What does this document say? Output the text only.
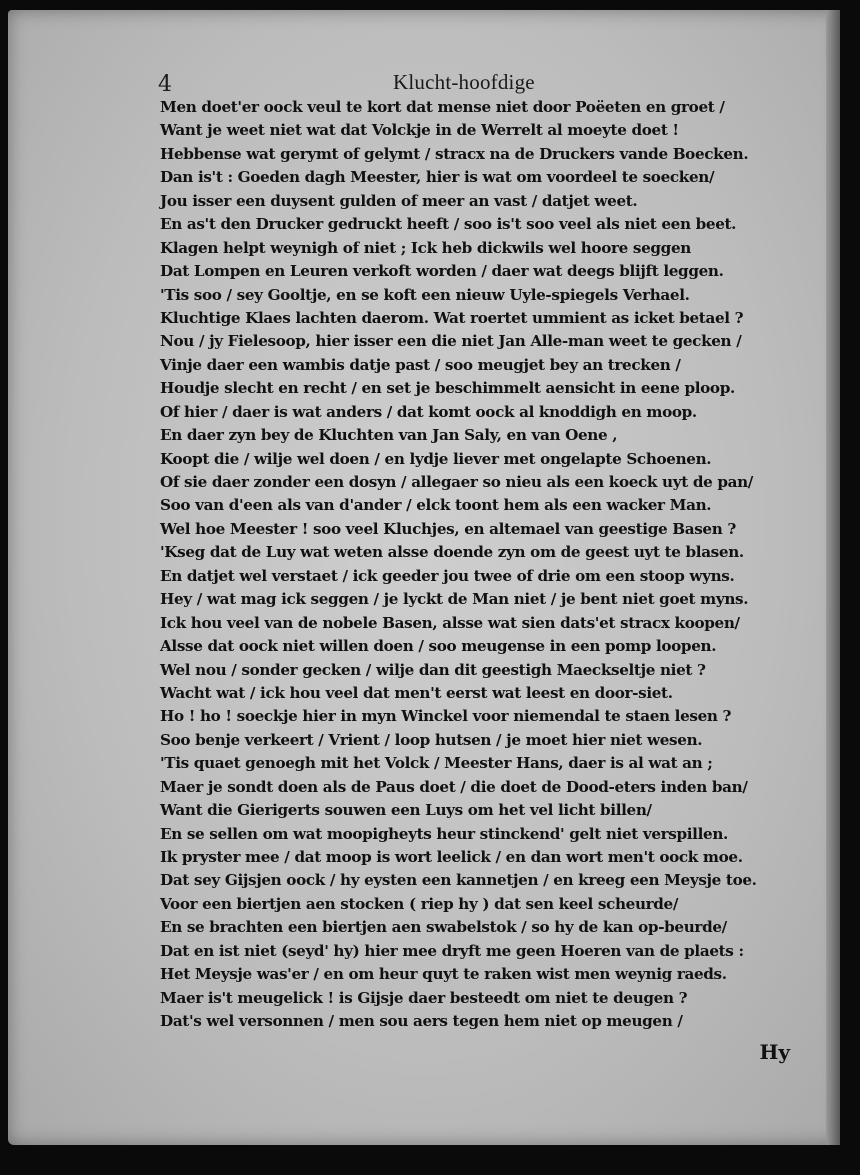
4	Klucht-hoofdige
Men doet'er oock veul te kort dat mense niet door Poëeten en groet /
Want je weet niet wat dat Volckje in de Werrelt al moeyte doet !
Hebbense wat gerymt of gelymt / stracx na de Druckers vande Boecken.
Dan is't : Goeden dagh Meester, hier is wat om voordeel te soecken/
Jou isser een duysent gulden of meer an vast / datjet weet.
En as't den Drucker gedruckt heeft / soo is't soo veel als niet een beet.
Klagen helpt weynigh of niet ; Ick heb dickwils wel hoore seggen
Dat Lompen en Leuren verkoft worden / daer wat deegs blijft leggen.
'Tis soo / sey Gooltje, en se koft een nieuw Uyle-spiegels Verhael.
Kluchtige Klaes lachten daerom. Wat roertet ummient as icket betael ?
Nou / jy Fielesoop, hier isser een die niet Jan Alle-man weet te gecken /
Vinje daer een wambis datje past / soo meugjet bey an trecken /
Houdje slecht en recht / en set je beschimmelt aensicht in eene ploop.
Of hier / daer is wat anders / dat komt oock al knoddigh en moop.
En daer zyn bey de Kluchten van Jan Saly, en van Oene ,
Koopt die / wilje wel doen / en lydje liever met ongelapte Schoenen.
Of sie daer zonder een dosyn / allegaer so nieu als een koeck uyt de pan/
Soo van d'een als van d'ander / elck toont hem als een wacker Man.
Wel hoe Meester ! soo veel Kluchjes, en altemael van geestige Basen ?
'Kseg dat de Luy wat weten alsse doende zyn om de geest uyt te blasen.
En datjet wel verstaet / ick geeder jou twee of drie om een stoop wyns.
Hey / wat mag ick seggen / je lyckt de Man niet / je bent niet goet myns.
Ick hou veel van de nobele Basen, alsse wat sien dats'et stracx koopen/
Alsse dat oock niet willen doen / soo meugense in een pomp loopen.
Wel nou / sonder gecken / wilje dan dit geestigh Maeckseltje niet ?
Wacht wat / ick hou veel dat men't eerst wat leest en door-siet.
Ho ! ho ! soeckje hier in myn Winckel voor niemendal te staen lesen ?
Soo benje verkeert / Vrient / loop hutsen / je moet hier niet wesen.
'Tis quaet genoegh mit het Volck / Meester Hans, daer is al wat an ;
Maer je sondt doen als de Paus doet / die doet de Dood-eters inden ban/
Want die Gierigerts souwen een Luys om het vel licht billen/
En se sellen om wat moopigheyts heur stinckend' gelt niet verspillen.
Ik pryster mee / dat moop is wort leelick / en dan wort men't oock moe.
Dat sey Gijsjen oock / hy eysten een kannetjen / en kreeg een Meysje toe.
Voor een biertjen aen stocken ( riep hy ) dat sen keel scheurde/
En se brachten een biertjen aen swabelstok / so hy de kan op-beurde/
Dat en ist niet (seyd' hy) hier mee dryft me geen Hoeren van de plaets :
Het Meysje was'er / en om heur quyt te raken wist men weynig raeds.
Maer is't meugelick ! is Gijsje daer besteedt om niet te deugen ?
Dat's wel versonnen / men sou aers tegen hem niet op meugen /
Hy
